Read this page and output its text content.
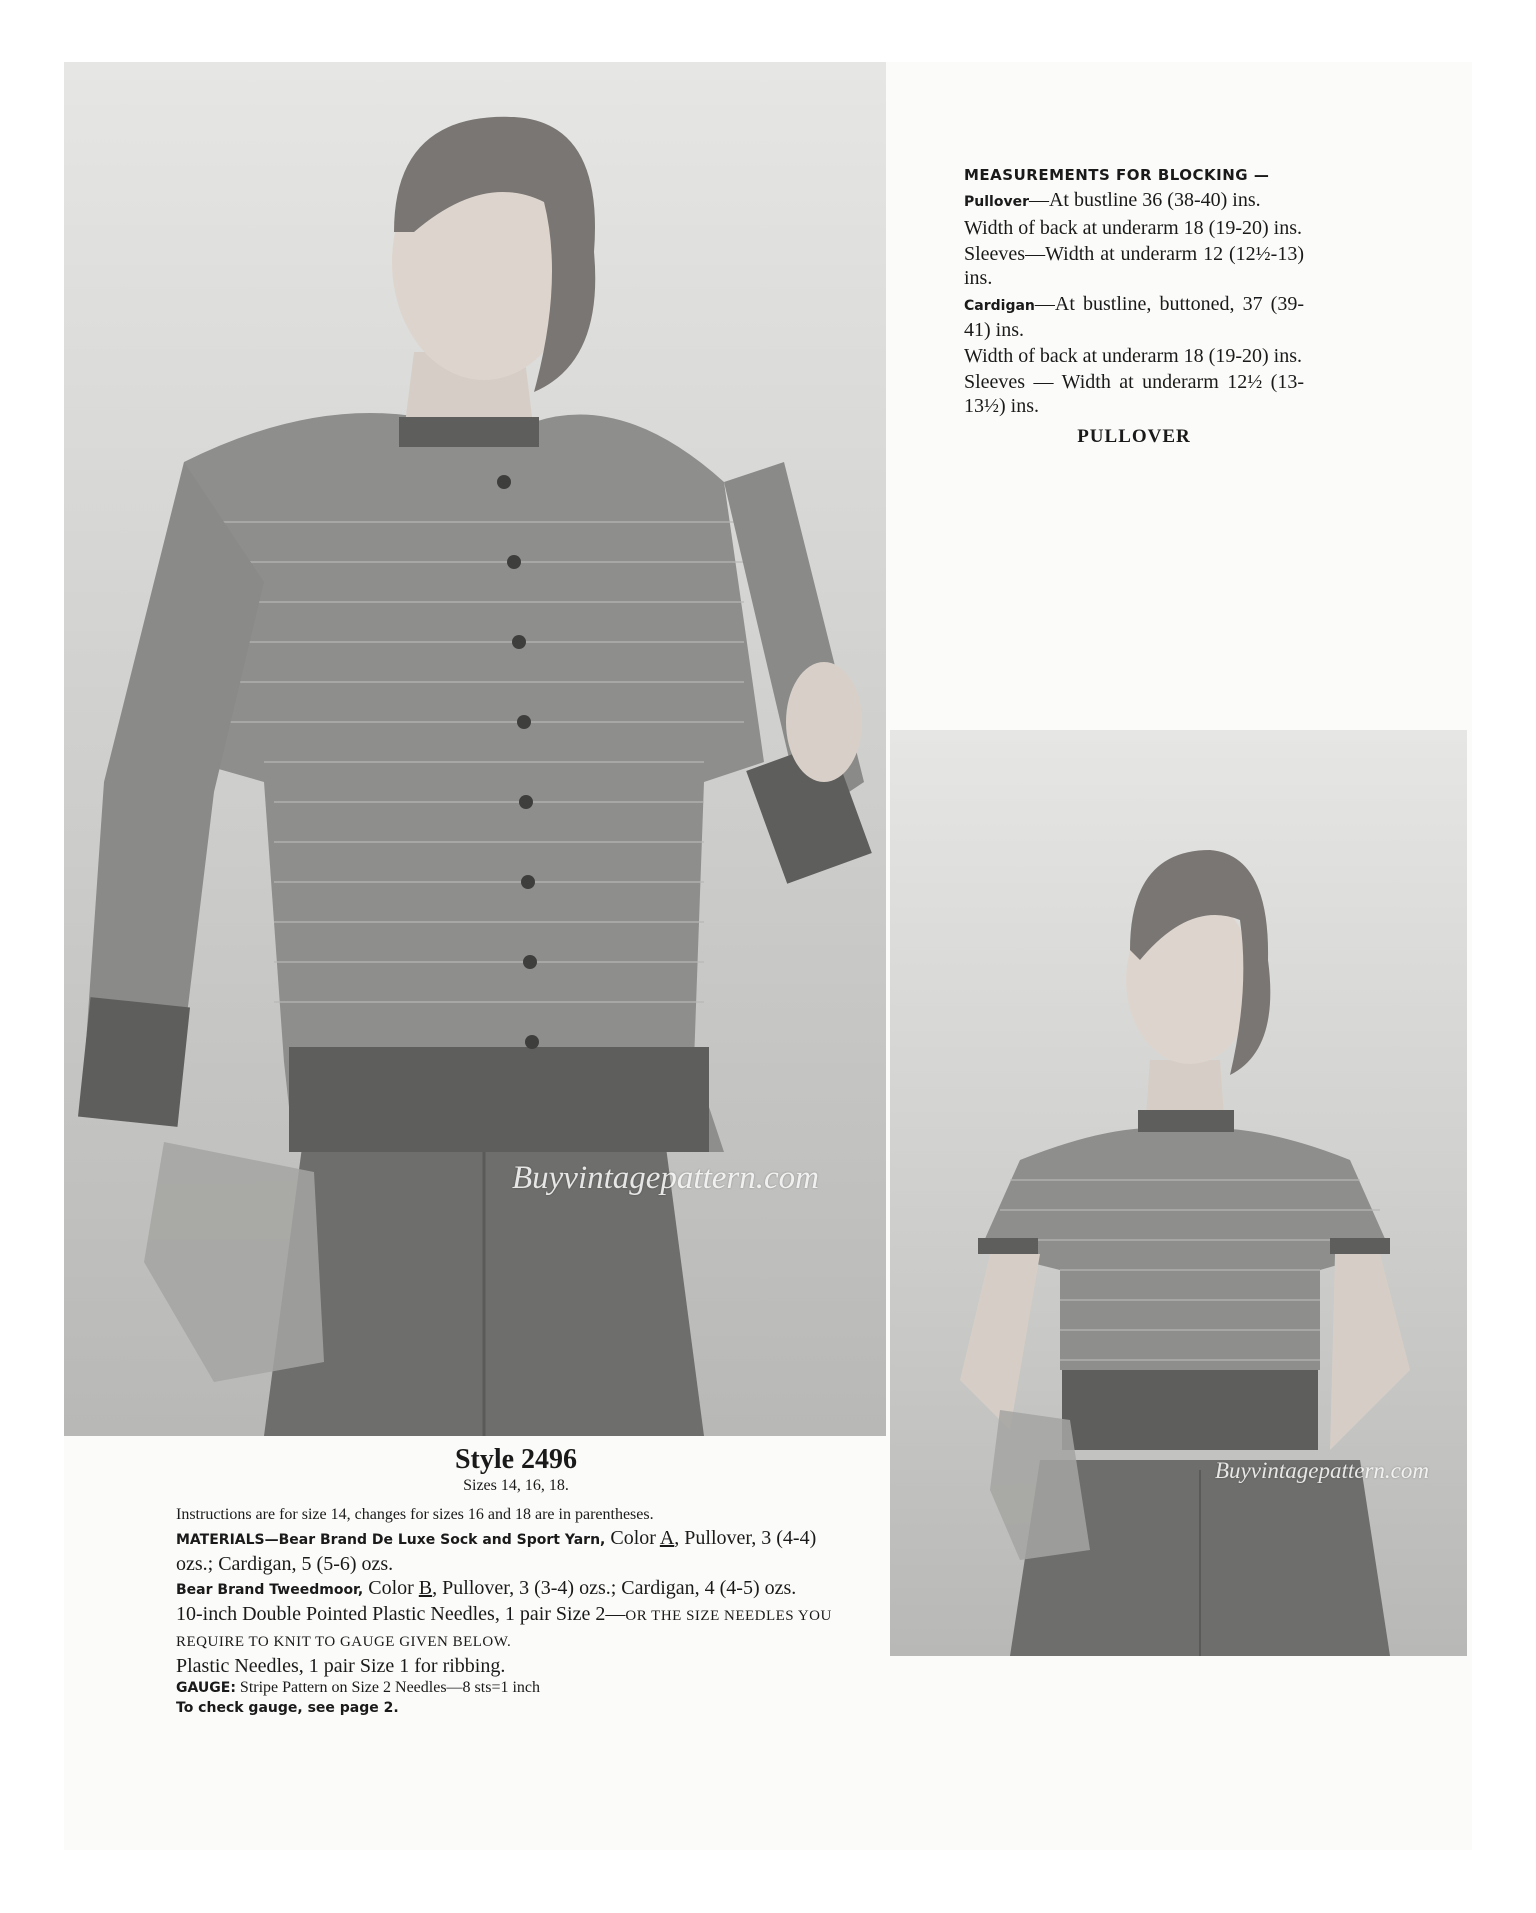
Buyvintagepattern.com
Buyvintagepattern.com
MEASUREMENTS FOR BLOCKING —

Pullover—At bustline 36 (38-40) ins.

Width of back at underarm 18 (19-20) ins.

Sleeves—Width at underarm 12 (12½-13) ins.

Cardigan—At bustline, buttoned, 37 (39-41) ins.

Width of back at underarm 18 (19-20) ins.

Sleeves — Width at underarm 12½ (13-13½) ins.

PULLOVER
Style 2496
Sizes 14, 16, 18.

Instructions are for size 14, changes for sizes 16 and 18 are in parentheses.

MATERIALS—Bear Brand De Luxe Sock and Sport Yarn, Color A, Pullover, 3 (4-4) ozs.; Cardigan, 5 (5-6) ozs.

Bear Brand Tweedmoor, Color B, Pullover, 3 (3-4) ozs.; Cardigan, 4 (4-5) ozs.

10-inch Double Pointed Plastic Needles, 1 pair Size 2—OR THE SIZE NEEDLES YOU REQUIRE TO KNIT TO GAUGE GIVEN BELOW.

Plastic Needles, 1 pair Size 1 for ribbing.

GAUGE: Stripe Pattern on Size 2 Needles—8 sts=1 inch

To check gauge, see page 2.
